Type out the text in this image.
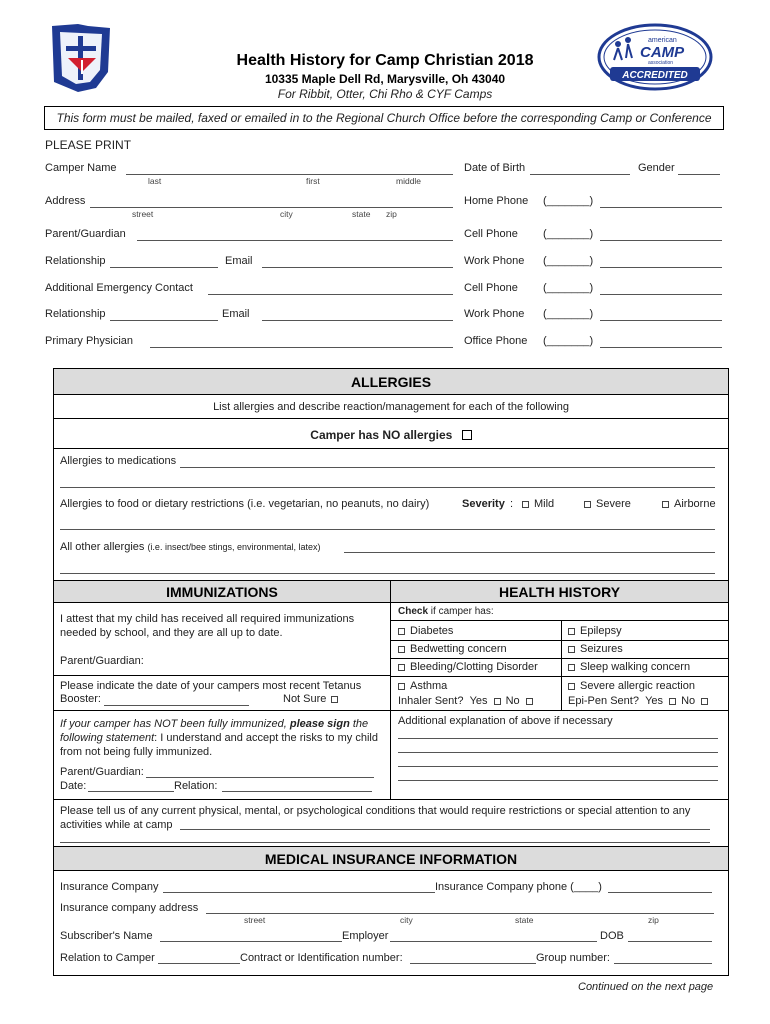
Health History for Camp Christian 2018
10335 Maple Dell Rd, Marysville, Oh 43040
For Ribbit, Otter, Chi Rho & CYF Camps
american
CAMP
association
ACCREDITED
This form must be mailed, faxed or emailed in to the Regional Church Office before the corresponding Camp or Conference
PLEASE PRINT
Camper Name
last	first	middle
Date of Birth	Gender
Address
street	city	state zip
Home Phone (_______)
Parent/Guardian	Cell Phone (_______)
Relationship	Email	Work Phone (_______)
Additional Emergency Contact	Cell Phone (_______)
Relationship	Email	Work Phone (_______)
Primary Physician	Office Phone (_______)
ALLERGIES
List allergies and describe reaction/management for each of the following
Camper has NO allergies
Allergies to medications
Allergies to food or dietary restrictions (i.e. vegetarian, no peanuts, no dairy)	Severity :	Mild	Severe	Airborne
All other allergies (i.e. insect/bee stings, environmental, latex)
IMMUNIZATIONS	HEALTH HISTORY
I attest that my child has received all required immunizations needed by school, and they are all up to date.
Parent/Guardian:
Please indicate the date of your campers most recent Tetanus
Booster:	Not Sure
If your camper has NOT been fully immunized, please sign the following statement: I understand and accept the risks to my child from not being fully immunized.
Parent/Guardian:
Date:	Relation:
Check if camper has:
Diabetes	Epilepsy
Bedwetting concern	Seizures
Bleeding/Clotting Disorder	Sleep walking concern
Asthma	Severe allergic reaction
Inhaler Sent? Yes No	Epi-Pen Sent? Yes No
Additional explanation of above if necessary
Please tell us of any current physical, mental, or psychological conditions that would require restrictions or special attention to any activities while at camp
MEDICAL INSURANCE INFORMATION
Insurance Company	Insurance Company phone (____)
Insurance company address
street	city	state	zip
Subscriber's Name	Employer	DOB
Relation to Camper	Contract or Identification number:	Group number:
Continued on the next page
